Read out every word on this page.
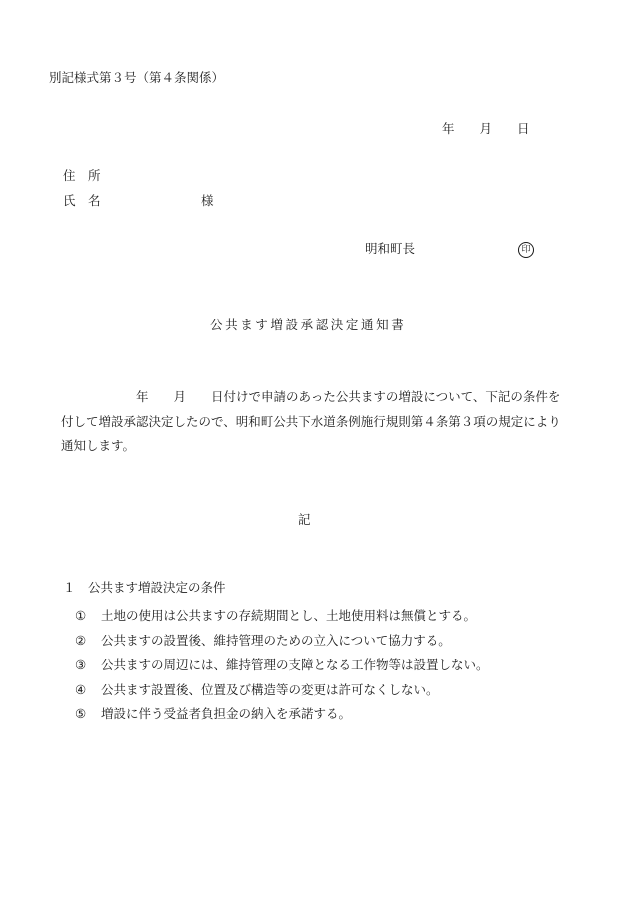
別記様式第３号（第４条関係）
年　　月　　日
住　所
氏　名	様
明和町長	印
公共ます増設承認決定通知書
　　　　　　年　　月　　日付けで申請のあった公共ますの増設について、下記の条件を付して増設承認決定したので、明和町公共下水道条例施行規則第４条第３項の規定により通知します。
記
１　公共ます増設決定の条件
① 土地の使用は公共ますの存続期間とし、土地使用料は無償とする。
② 公共ますの設置後、維持管理のための立入について協力する。
③ 公共ますの周辺には、維持管理の支障となる工作物等は設置しない。
④ 公共ます設置後、位置及び構造等の変更は許可なくしない。
⑤ 増設に伴う受益者負担金の納入を承諾する。
